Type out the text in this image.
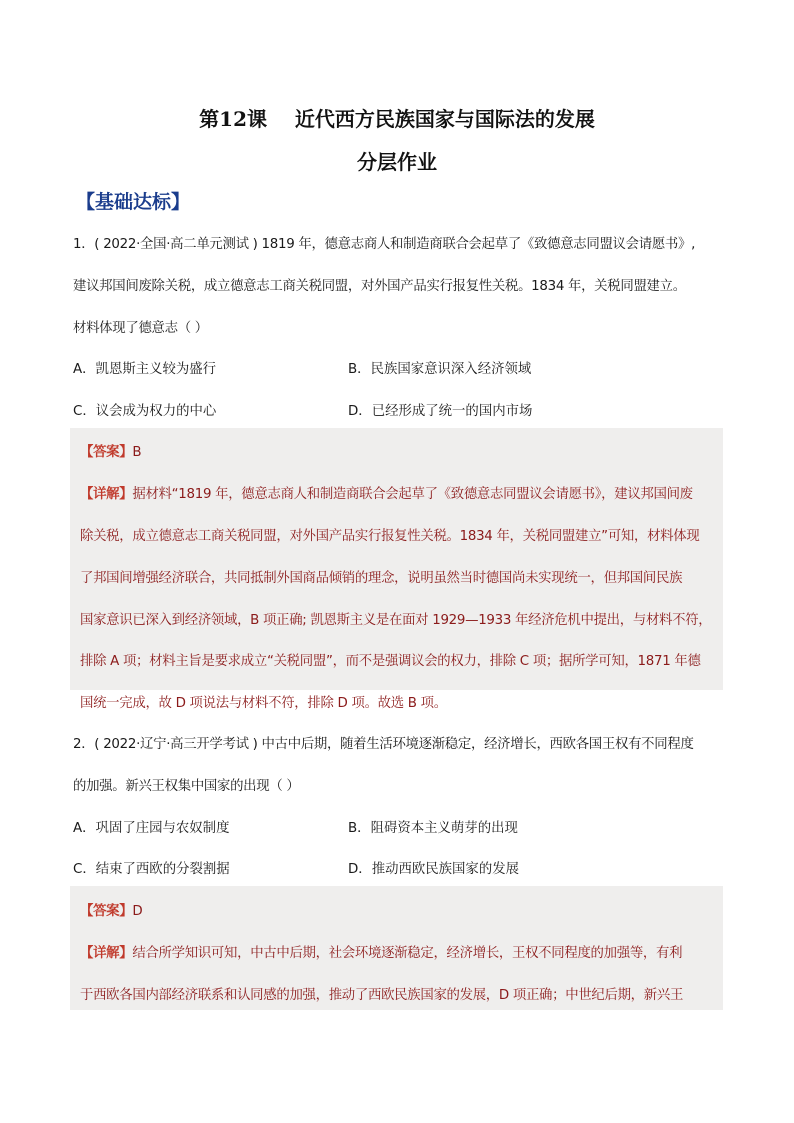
第12课    近代西方民族国家与国际法的发展
分层作业
【基础达标】
1．( 2022·全国·高二单元测试 ) 1819 年，德意志商人和制造商联合会起草了《致德意志同盟议会请愿书》,
建议邦国间废除关税，成立德意志工商关税同盟，对外国产品实行报复性关税。1834 年，关税同盟建立。
材料体现了德意志（ ）
A．凯恩斯主义较为盛行	B．民族国家意识深入经济领域
C．议会成为权力的中心	D．已经形成了统一的国内市场
【答案】B
【详解】据材料“1819 年，德意志商人和制造商联合会起草了《致德意志同盟议会请愿书》，建议邦国间废
除关税，成立德意志工商关税同盟，对外国产品实行报复性关税。1834 年，关税同盟建立”可知，材料体现
了邦国间增强经济联合，共同抵制外国商品倾销的理念，说明虽然当时德国尚未实现统一，但邦国间民族
国家意识已深入到经济领域，B 项正确; 凯恩斯主义是在面对 1929—1933 年经济危机中提出，与材料不符，
排除 A 项；材料主旨是要求成立“关税同盟”，而不是强调议会的权力，排除 C 项；据所学可知，1871 年德
国统一完成，故 D 项说法与材料不符，排除 D 项。故选 B 项。
2．( 2022·辽宁·高三开学考试 ) 中古中后期，随着生活环境逐渐稳定，经济增长，西欧各国王权有不同程度
的加强。新兴王权集中国家的出现（ ）
A．巩固了庄园与农奴制度	B．阻碍资本主义萌芽的出现
C．结束了西欧的分裂割据	D．推动西欧民族国家的发展
【答案】D
【详解】结合所学知识可知，中古中后期，社会环境逐渐稳定，经济增长，王权不同程度的加强等，有利
于西欧各国内部经济联系和认同感的加强，推动了西欧民族国家的发展，D 项正确；中世纪后期，新兴王
